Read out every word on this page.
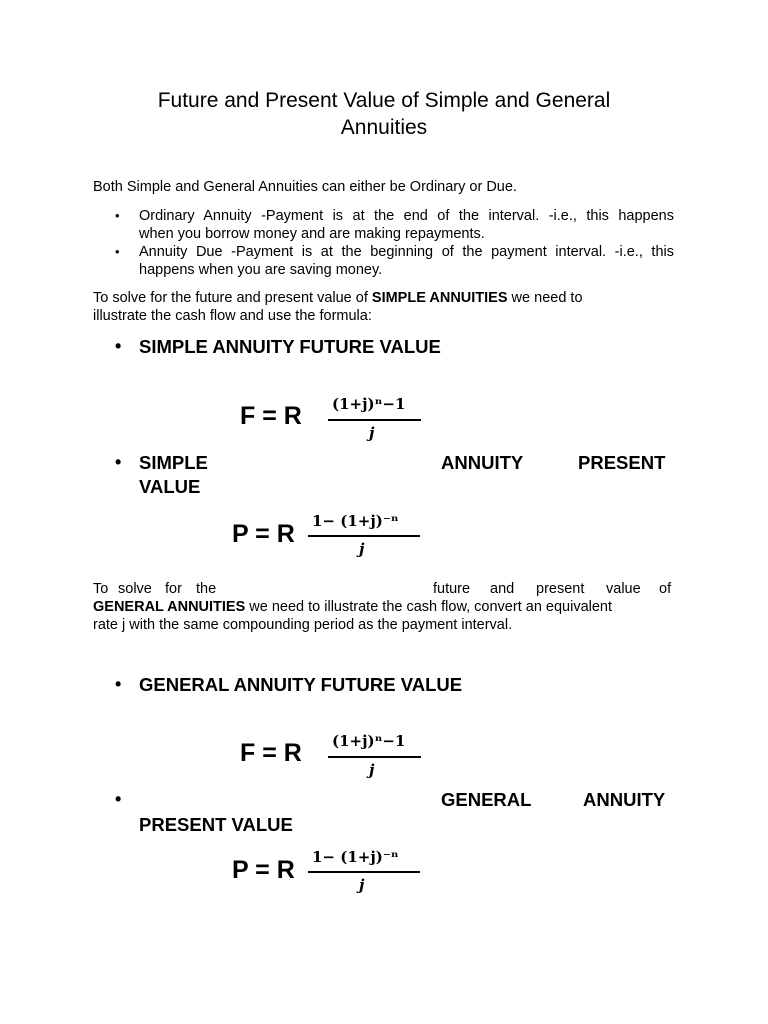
Future and Present Value of Simple and General
Annuities
Both Simple and General Annuities can either be Ordinary or Due.
• Ordinary Annuity -Payment is at the end of the interval. -i.e., this happens
when you borrow money and are making repayments.
• Annuity Due -Payment is at the beginning of the payment interval. -i.e., this
happens when you are saving money.
To solve for the future and present value of SIMPLE ANNUITIES we need to
illustrate the cash flow and use the formula:
• SIMPLE ANNUITY FUTURE VALUE
F = R (1+j)ⁿ−1
j
• SIMPLE	ANNUITY	PRESENT
VALUE
P = R 1− (1+j)⁻ⁿ
j
To solve for the	future and present value of
GENERAL ANNUITIES we need to illustrate the cash flow, convert an equivalent
rate j with the same compounding period as the payment interval.
• GENERAL ANNUITY FUTURE VALUE
F = R (1+j)ⁿ−1
j
•	GENERAL	ANNUITY
PRESENT VALUE
P = R 1− (1+j)⁻ⁿ
j
